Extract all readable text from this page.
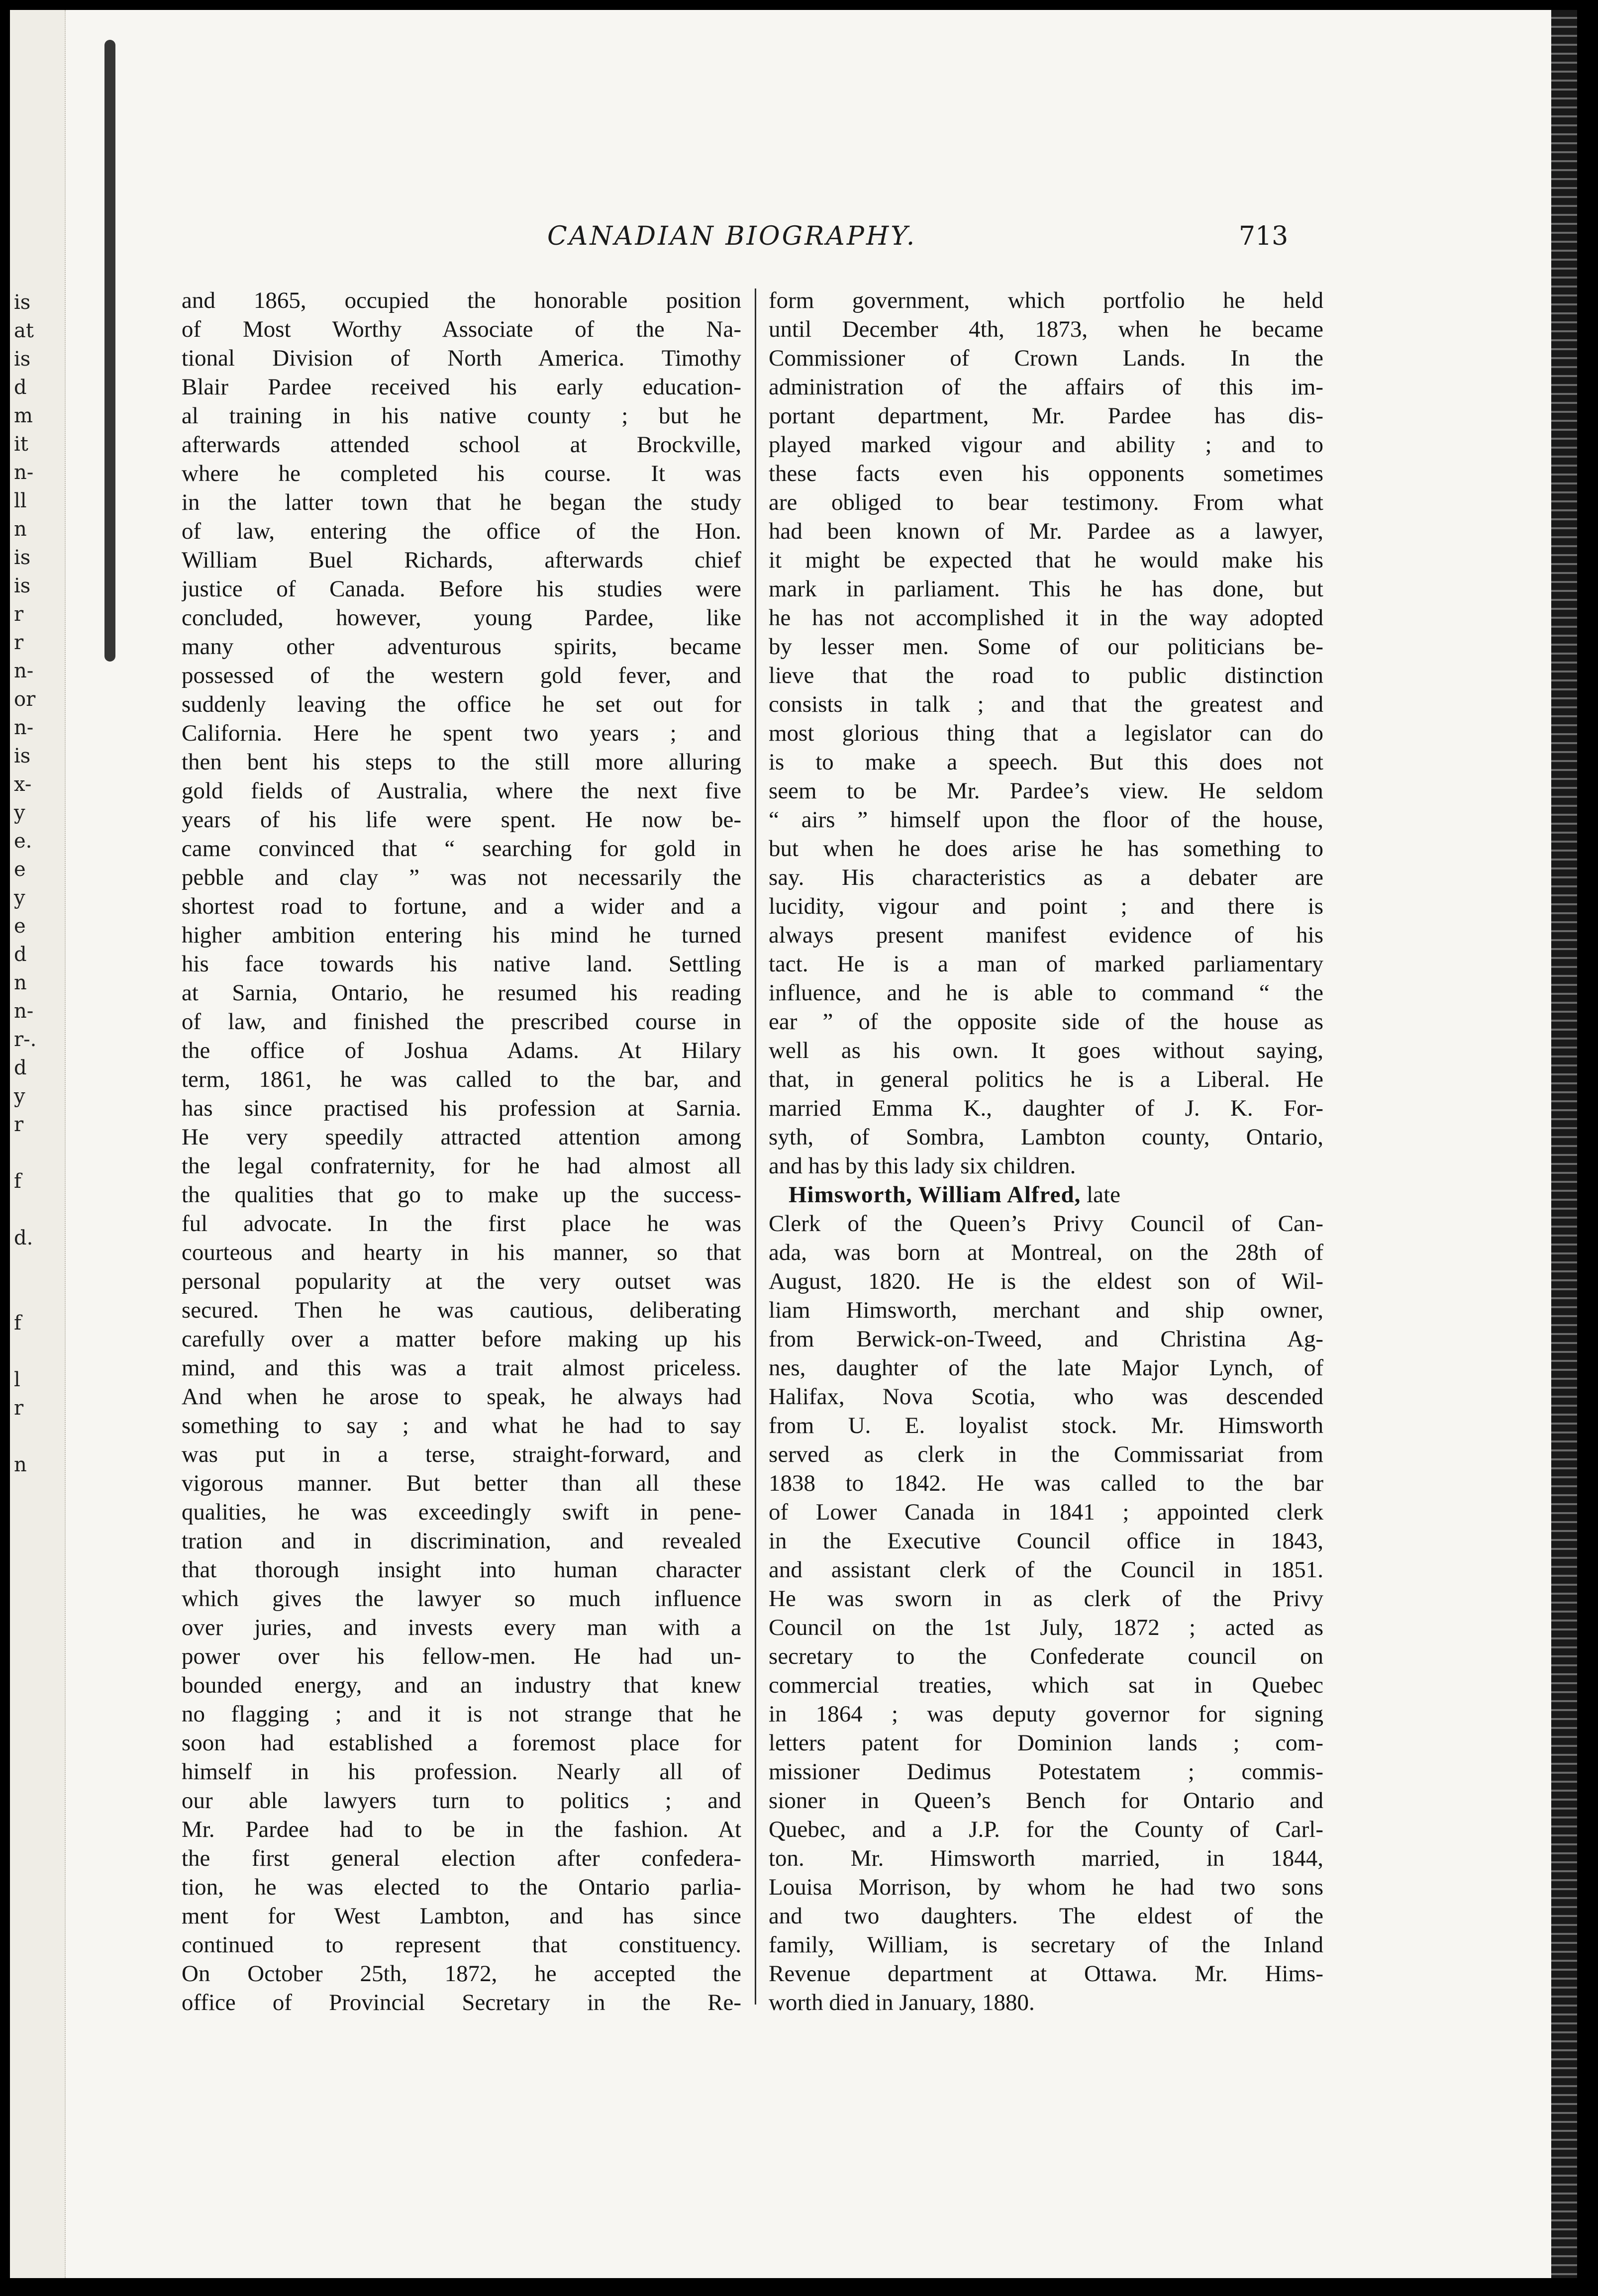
is
at
is
d
m
it
n-
ll
n
is
is
r
r
n-
or
n-
is
x-
y
e.
e
y
e
d
n
n-
r-.
d
y
r
f
d.
f
l
r
n
CANADIAN BIOGRAPHY.	713
and 1865, occupied the honorable position
of Most Worthy Associate of the Na-
tional Division of North America. Timothy
Blair Pardee received his early education-
al training in his native county ; but he
afterwards attended school at Brockville,
where he completed his course. It was
in the latter town that he began the study
of law, entering the office of the Hon.
William Buel Richards, afterwards chief
justice of Canada. Before his studies were
concluded, however, young Pardee, like
many other adventurous spirits, became
possessed of the western gold fever, and
suddenly leaving the office he set out for
California. Here he spent two years ; and
then bent his steps to the still more alluring
gold fields of Australia, where the next five
years of his life were spent. He now be-
came convinced that “ searching for gold in
pebble and clay ” was not necessarily the
shortest road to fortune, and a wider and a
higher ambition entering his mind he turned
his face towards his native land. Settling
at Sarnia, Ontario, he resumed his reading
of law, and finished the prescribed course in
the office of Joshua Adams. At Hilary
term, 1861, he was called to the bar, and
has since practised his profession at Sarnia.
He very speedily attracted attention among
the legal confraternity, for he had almost all
the qualities that go to make up the success-
ful advocate. In the first place he was
courteous and hearty in his manner, so that
personal popularity at the very outset was
secured. Then he was cautious, deliberating
carefully over a matter before making up his
mind, and this was a trait almost priceless.
And when he arose to speak, he always had
something to say ; and what he had to say
was put in a terse, straight-forward, and
vigorous manner. But better than all these
qualities, he was exceedingly swift in pene-
tration and in discrimination, and revealed
that thorough insight into human character
which gives the lawyer so much influence
over juries, and invests every man with a
power over his fellow-men. He had un-
bounded energy, and an industry that knew
no flagging ; and it is not strange that he
soon had established a foremost place for
himself in his profession. Nearly all of
our able lawyers turn to politics ; and
Mr. Pardee had to be in the fashion. At
the first general election after confedera-
tion, he was elected to the Ontario parlia-
ment for West Lambton, and has since
continued to represent that constituency.
On October 25th, 1872, he accepted the
office of Provincial Secretary in the Re-
form government, which portfolio he held
until December 4th, 1873, when he became
Commissioner of Crown Lands. In the
administration of the affairs of this im-
portant department, Mr. Pardee has dis-
played marked vigour and ability ; and to
these facts even his opponents sometimes
are obliged to bear testimony. From what
had been known of Mr. Pardee as a lawyer,
it might be expected that he would make his
mark in parliament. This he has done, but
he has not accomplished it in the way adopted
by lesser men. Some of our politicians be-
lieve that the road to public distinction
consists in talk ; and that the greatest and
most glorious thing that a legislator can do
is to make a speech. But this does not
seem to be Mr. Pardee’s view. He seldom
“ airs ” himself upon the floor of the house,
but when he does arise he has something to
say. His characteristics as a debater are
lucidity, vigour and point ; and there is
always present manifest evidence of his
tact. He is a man of marked parliamentary
influence, and he is able to command “ the
ear ” of the opposite side of the house as
well as his own. It goes without saying,
that, in general politics he is a Liberal. He
married Emma K., daughter of J. K. For-
syth, of Sombra, Lambton county, Ontario,
and has by this lady six children.
Himsworth, William Alfred, late
Clerk of the Queen’s Privy Council of Can-
ada, was born at Montreal, on the 28th of
August, 1820. He is the eldest son of Wil-
liam Himsworth, merchant and ship owner,
from Berwick-on-Tweed, and Christina Ag-
nes, daughter of the late Major Lynch, of
Halifax, Nova Scotia, who was descended
from U. E. loyalist stock. Mr. Himsworth
served as clerk in the Commissariat from
1838 to 1842. He was called to the bar
of Lower Canada in 1841 ; appointed clerk
in the Executive Council office in 1843,
and assistant clerk of the Council in 1851.
He was sworn in as clerk of the Privy
Council on the 1st July, 1872 ; acted as
secretary to the Confederate council on
commercial treaties, which sat in Quebec
in 1864 ; was deputy governor for signing
letters patent for Dominion lands ; com-
missioner Dedimus Potestatem ; commis-
sioner in Queen’s Bench for Ontario and
Quebec, and a J.P. for the County of Carl-
ton. Mr. Himsworth married, in 1844,
Louisa Morrison, by whom he had two sons
and two daughters. The eldest of the
family, William, is secretary of the Inland
Revenue department at Ottawa. Mr. Hims-
worth died in January, 1880.
